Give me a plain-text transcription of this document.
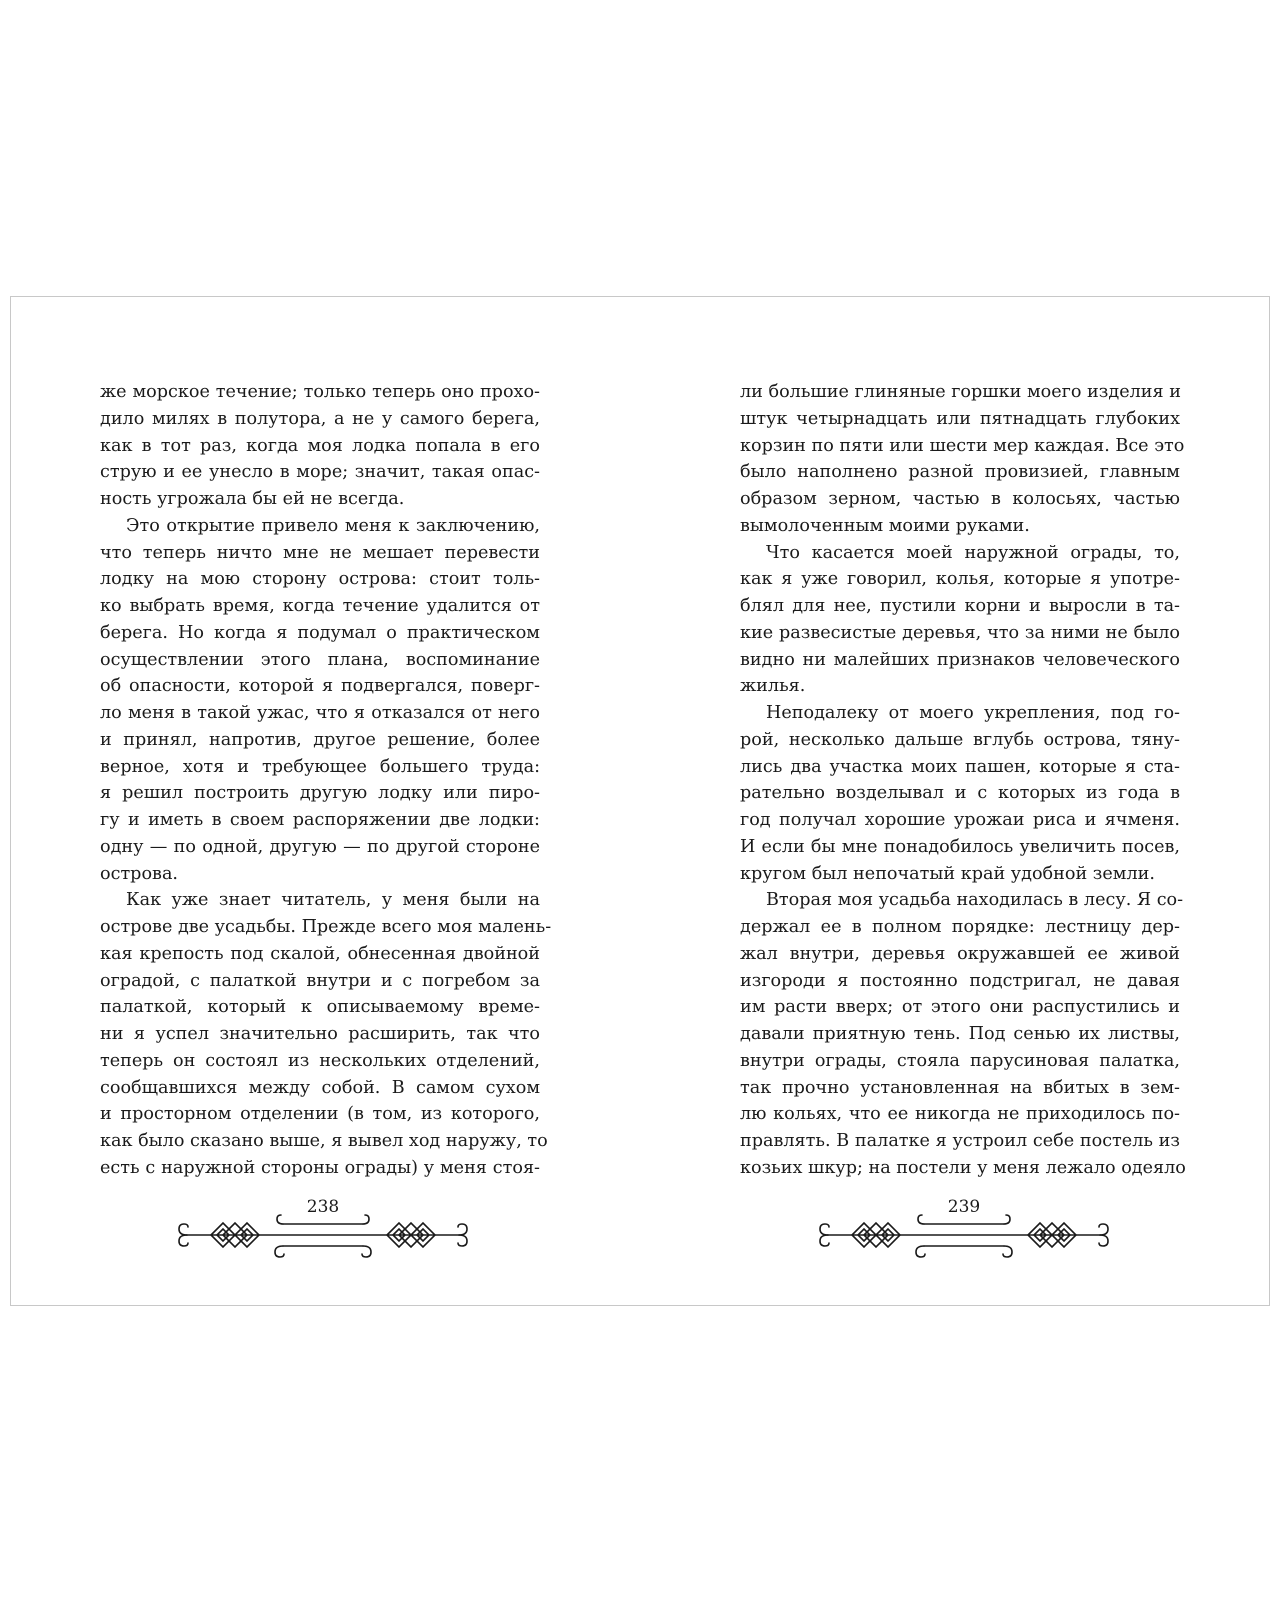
же морское течение; только теперь оно прохо-
дило милях в полутора, а не у самого берега,
как в тот раз, когда моя лодка попала в его
струю и ее унесло в море; значит, такая опас-
ность угрожала бы ей не всегда.
Это открытие привело меня к заключению,
что теперь ничто мне не мешает перевести
лодку на мою сторону острова: стоит толь-
ко выбрать время, когда течение удалится от
берега. Но когда я подумал о практическом
осуществлении этого плана, воспоминание
об опасности, которой я подвергался, поверг-
ло меня в такой ужас, что я отказался от него
и принял, напротив, другое решение, более
верное, хотя и требующее большего труда:
я решил построить другую лодку или пиро-
гу и иметь в своем распоряжении две лодки:
одну — по одной, другую — по другой стороне
острова.
Как уже знает читатель, у меня были на
острове две усадьбы. Прежде всего моя малень-
кая крепость под скалой, обнесенная двойной
оградой, с палаткой внутри и с погребом за
палаткой, который к описываемому време-
ни я успел значительно расширить, так что
теперь он состоял из нескольких отделений,
сообщавшихся между собой. В самом сухом
и просторном отделении (в том, из которого,
как было сказано выше, я вывел ход наружу, то
есть с наружной стороны ограды) у меня стоя-
ли большие глиняные горшки моего изделия и
штук четырнадцать или пятнадцать глубоких
корзин по пяти или шести мер каждая. Все это
было наполнено разной провизией, главным
образом зерном, частью в колосьях, частью
вымолоченным моими руками.
Что касается моей наружной ограды, то,
как я уже говорил, колья, которые я употре-
блял для нее, пустили корни и выросли в та-
кие развесистые деревья, что за ними не было
видно ни малейших признаков человеческого
жилья.
Неподалеку от моего укрепления, под го-
рой, несколько дальше вглубь острова, тяну-
лись два участка моих пашен, которые я ста-
рательно возделывал и с которых из года в
год получал хорошие урожаи риса и ячменя.
И если бы мне понадобилось увеличить посев,
кругом был непочатый край удобной земли.
Вторая моя усадьба находилась в лесу. Я со-
держал ее в полном порядке: лестницу дер-
жал внутри, деревья окружавшей ее живой
изгороди я постоянно подстригал, не давая
им расти вверх; от этого они распустились и
давали приятную тень. Под сенью их листвы,
внутри ограды, стояла парусиновая палатка,
так прочно установленная на вбитых в зем-
лю кольях, что ее никогда не приходилось по-
правлять. В палатке я устроил себе постель из
козьих шкур; на постели у меня лежало одеяло
238	239
